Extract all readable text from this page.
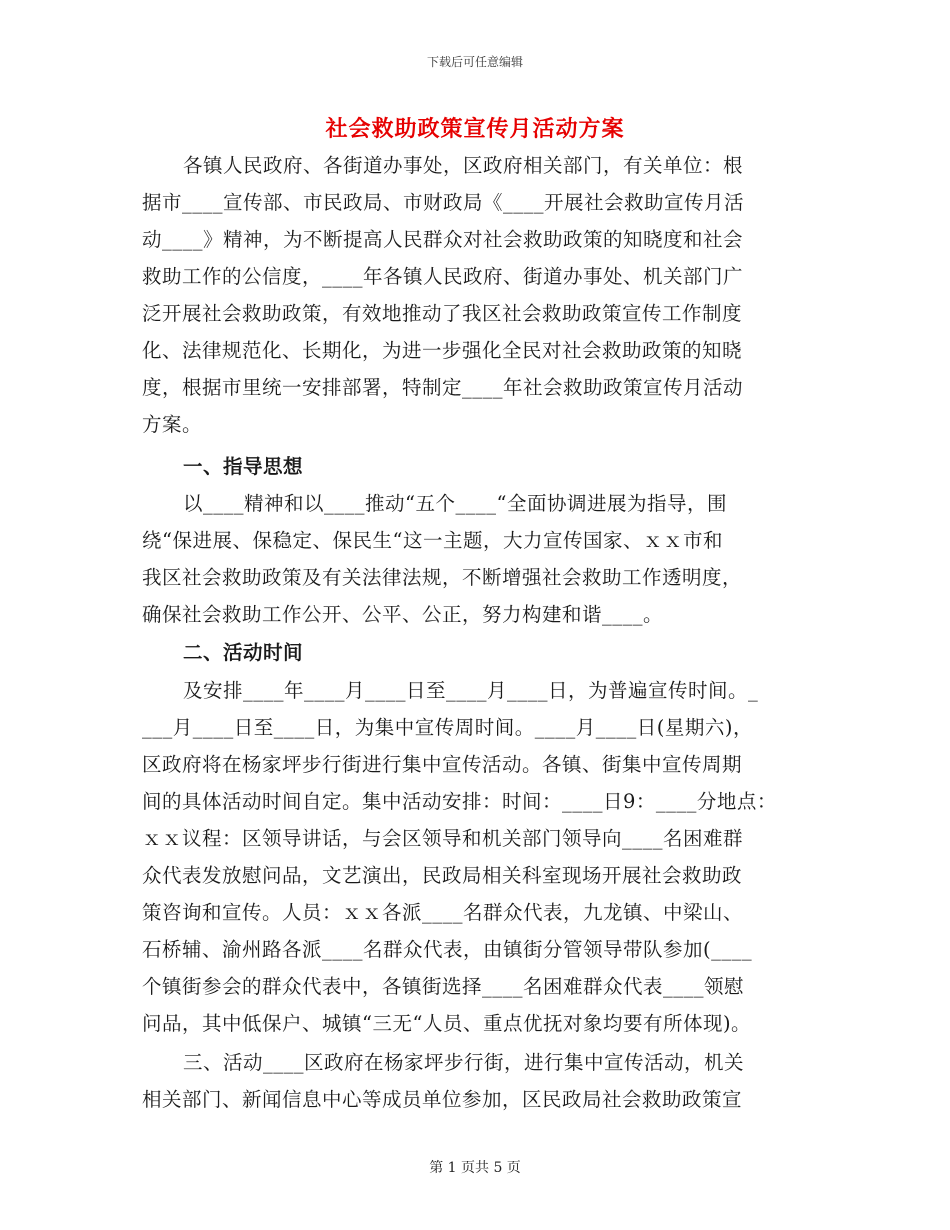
下载后可任意编辑
社会救助政策宣传月活动方案
各镇人民政府、各街道办事处，区政府相关部门，有关单位：根
据市____宣传部、市民政局、市财政局《____开展社会救助宣传月活
动____》精神，为不断提高人民群众对社会救助政策的知晓度和社会
救助工作的公信度，____年各镇人民政府、街道办事处、机关部门广
泛开展社会救助政策，有效地推动了我区社会救助政策宣传工作制度
化、法律规范化、长期化，为进一步强化全民对社会救助政策的知晓
度，根据市里统一安排部署，特制定____年社会救助政策宣传月活动
方案。
一、指导思想
以____精神和以____推动“五个____“全面协调进展为指导，围
绕“保进展、保稳定、保民生“这一主题，大力宣传国家、ｘｘ市和
我区社会救助政策及有关法律法规，不断增强社会救助工作透明度，
确保社会救助工作公开、公平、公正，努力构建和谐____。
二、活动时间
及安排____年____月____日至____月____日，为普遍宣传时间。_
___月____日至____日，为集中宣传周时间。____月____日(星期六)，
区政府将在杨家坪步行街进行集中宣传活动。各镇、街集中宣传周期
间的具体活动时间自定。集中活动安排：时间：____日9：____分地点：
ｘｘ议程：区领导讲话，与会区领导和机关部门领导向____名困难群
众代表发放慰问品，文艺演出，民政局相关科室现场开展社会救助政
策咨询和宣传。人员：ｘｘ各派____名群众代表，九龙镇、中梁山、
石桥辅、渝州路各派____名群众代表，由镇街分管领导带队参加(____
个镇街参会的群众代表中，各镇街选择____名困难群众代表____领慰
问品，其中低保户、城镇“三无“人员、重点优抚对象均要有所体现)。
三、活动____区政府在杨家坪步行街，进行集中宣传活动，机关
相关部门、新闻信息中心等成员单位参加，区民政局社会救助政策宣
第 1 页共 5 页
